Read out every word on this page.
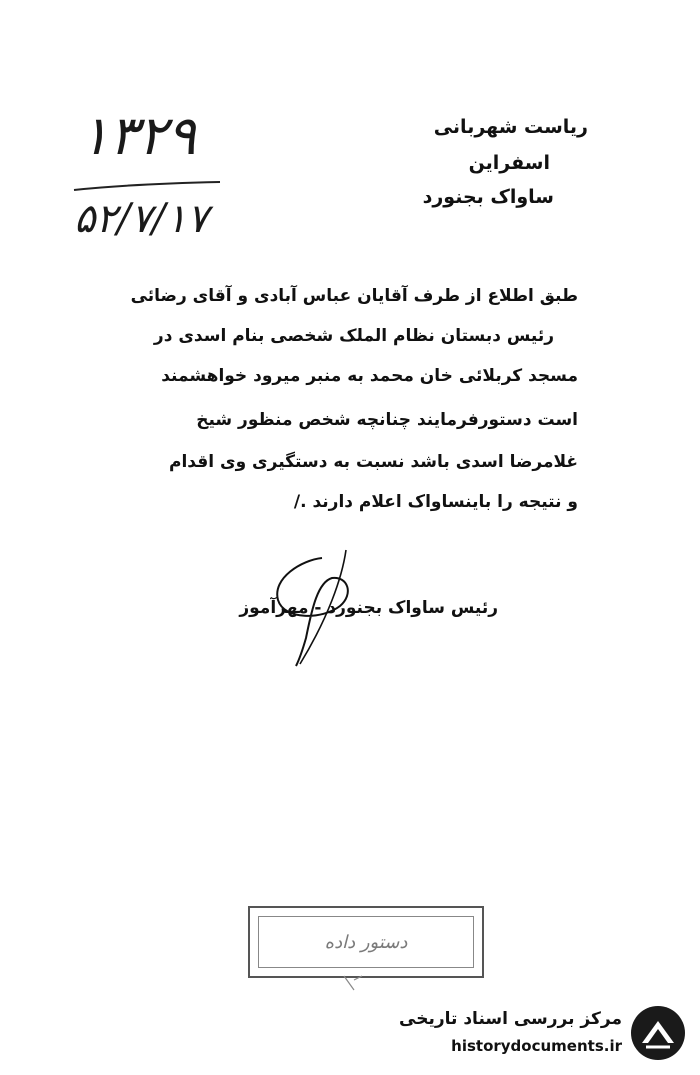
ریاست شهربانی
اسفراین
ساواک بجنورد
۱۳۲۹
۵۲/۷/۱۷
طبق اطلاع از طرف آقایان عباس آبادی و آقای رضائی
رئیس دبستان نظام الملک شخصی بنام اسدی در
مسجد کربلائی خان محمد به منبر میرود خواهشمند
است دستورفرمایند چنانچه شخص منظور شیخ
غلامرضا اسدی باشد نسبت به دستگیری وی اقدام
و نتیجه را باینساواک اعلام دارند ./
رئیس ساواک بجنورد - مهرآموز
دستور داده
مرکز بررسی اسناد تاریخی
historydocuments.ir
